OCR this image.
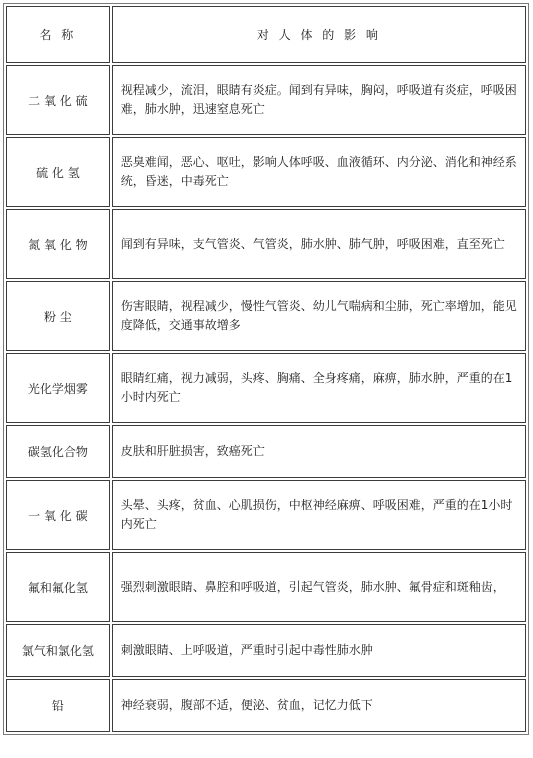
名 称	对 人 体 的 影 响
二 氧 化 硫	视程减少，流泪，眼睛有炎症。闻到有异味，胸闷，呼吸道有炎症，呼吸困难，肺水肿，迅速窒息死亡
硫 化 氢	恶臭难闻，恶心、呕吐，影响人体呼吸、血液循环、内分泌、消化和神经系统，昏迷，中毒死亡
氮 氧 化 物	闻到有异味，支气管炎、气管炎，肺水肿、肺气肿，呼吸困难，直至死亡
粉 尘	伤害眼睛，视程减少，慢性气管炎、幼儿气喘病和尘肺，死亡率增加，能见度降低，交通事故增多
光化学烟雾	眼睛红痛，视力减弱，头疼、胸痛、全身疼痛，麻痹，肺水肿，严重的在1小时内死亡
碳氢化合物	皮肤和肝脏损害，致癌死亡
一 氧 化 碳	头晕、头疼，贫血、心肌损伤，中枢神经麻痹、呼吸困难，严重的在1小时内死亡
氟和氟化氢	强烈刺激眼睛、鼻腔和呼吸道，引起气管炎，肺水肿、氟骨症和斑釉齿，
氯气和氯化氢	刺激眼睛、上呼吸道，严重时引起中毒性肺水肿
铅	神经衰弱，腹部不适，便泌、贫血，记忆力低下
